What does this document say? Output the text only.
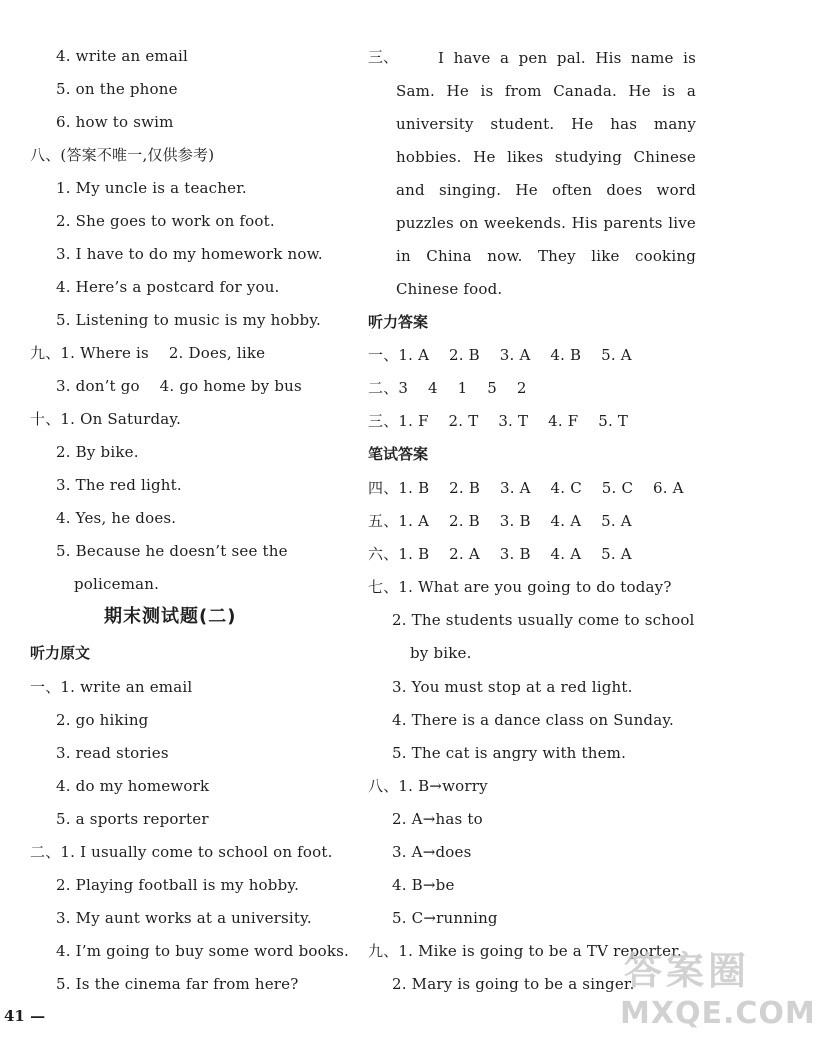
4. write an email
5. on the phone
6. how to swim
八、(答案不唯一,仅供参考)
1. My uncle is a teacher.
2. She goes to work on foot.
3. I have to do my homework now.
4. Here’s a postcard for you.
5. Listening to music is my hobby.
九、1. Where is    2. Does, like
3. don’t go    4. go home by bus
十、1. On Saturday.
2. By bike.
3. The red light.
4. Yes, he does.
5. Because he doesn’t see the
policeman.
期末测试题(二)
听力原文
一、1. write an email
2. go hiking
3. read stories
4. do my homework
5. a sports reporter
二、1. I usually come to school on foot.
2. Playing football is my hobby.
3. My aunt works at a university.
4. I’m going to buy some word books.
5. Is the cinema far from here?
三、	I have a pen pal. His name is Sam. He is from Canada. He is a university student. He has many hobbies. He likes studying Chinese and singing. He often does word puzzles on weekends. His parents live in China now. They like cooking Chinese food.
听力答案
一、1. A    2. B    3. A    4. B    5. A
二、3    4    1    5    2
三、1. F    2. T    3. T    4. F    5. T
笔试答案
四、1. B    2. B    3. A    4. C    5. C    6. A
五、1. A    2. B    3. B    4. A    5. A
六、1. B    2. A    3. B    4. A    5. A
七、1. What are you going to do today?
2. The students usually come to school
by bike.
3. You must stop at a red light.
4. There is a dance class on Sunday.
5. The cat is angry with them.
八、1. B→worry
2. A→has to
3. A→does
4. B→be
5. C→running
九、1. Mike is going to be a TV reporter.
2. Mary is going to be a singer.
41 —
答案圈
MXQE.COM
